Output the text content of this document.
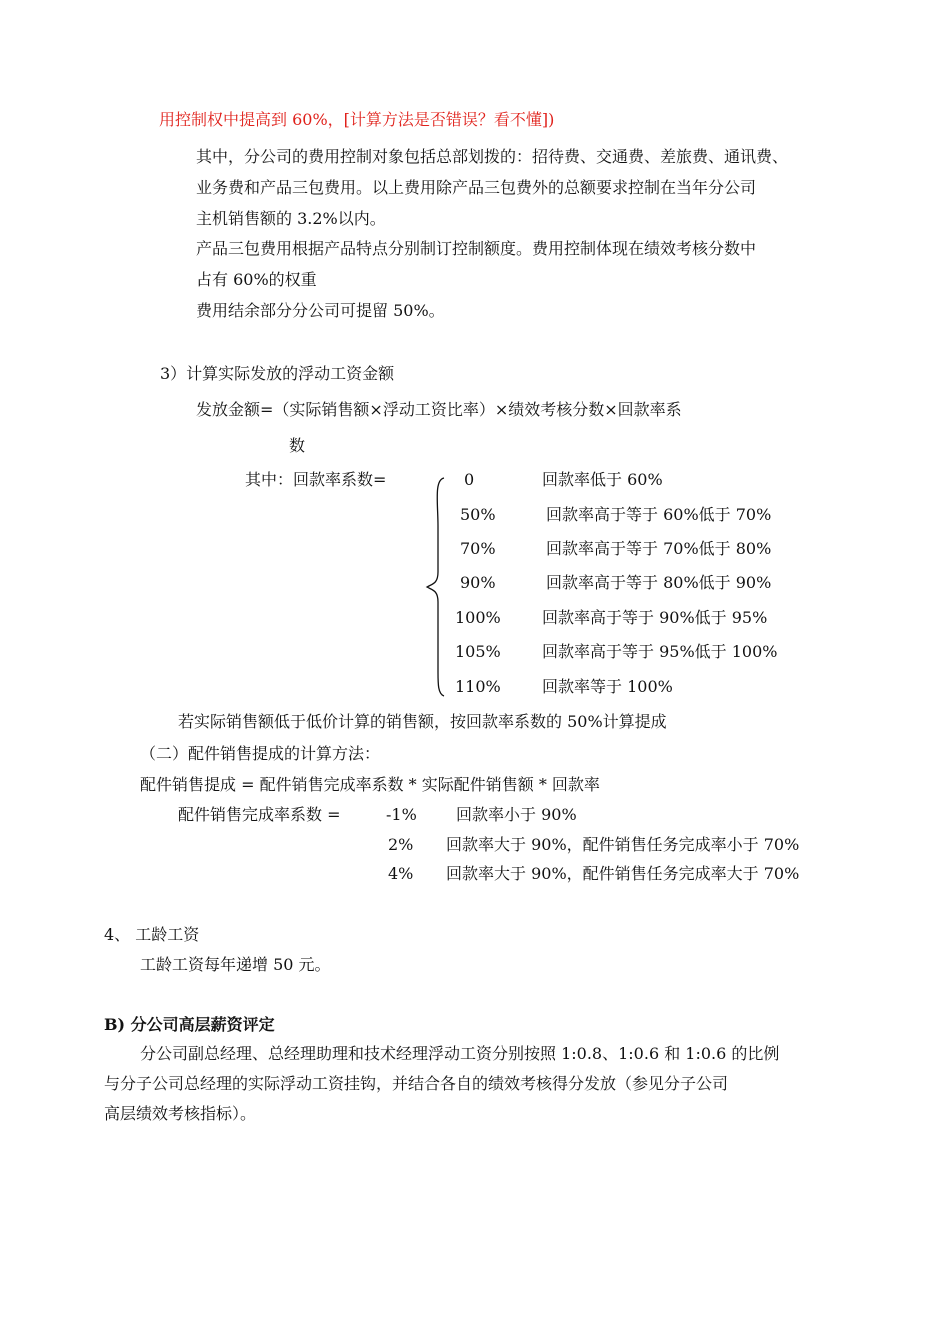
用控制权中提高到 60%，[计算方法是否错误？看不懂])
其中，分公司的费用控制对象包括总部划拨的：招待费、交通费、差旅费、通讯费、
业务费和产品三包费用。以上费用除产品三包费外的总额要求控制在当年分公司
主机销售额的 3.2%以内。
产品三包费用根据产品特点分别制订控制额度。费用控制体现在绩效考核分数中
占有 60%的权重
费用结余部分分公司可提留 50%。
3）计算实际发放的浮动工资金额
发放金额=（实际销售额×浮动工资比率）×绩效考核分数×回款率系
数
其中：回款率系数=	0	回款率低于 60%
50%	回款率高于等于 60%低于 70%
70%	回款率高于等于 70%低于 80%
90%	回款率高于等于 80%低于 90%
100%	回款率高于等于 90%低于 95%
105%	回款率高于等于 95%低于 100%
110%	回款率等于 100%
若实际销售额低于低价计算的销售额，按回款率系数的 50%计算提成
（二）配件销售提成的计算方法：
配件销售提成 = 配件销售完成率系数 * 实际配件销售额 * 回款率
配件销售完成率系数 =	-1% 回款率小于 90%
2% 回款率大于 90%，配件销售任务完成率小于 70%
4% 回款率大于 90%，配件销售任务完成率大于 70%
4、 工龄工资
工龄工资每年递增 50 元。
B) 分公司高层薪资评定
分公司副总经理、总经理助理和技术经理浮动工资分别按照 1:0.8、1:0.6 和 1:0.6 的比例
与分子公司总经理的实际浮动工资挂钩，并结合各自的绩效考核得分发放（参见分子公司
高层绩效考核指标）。
